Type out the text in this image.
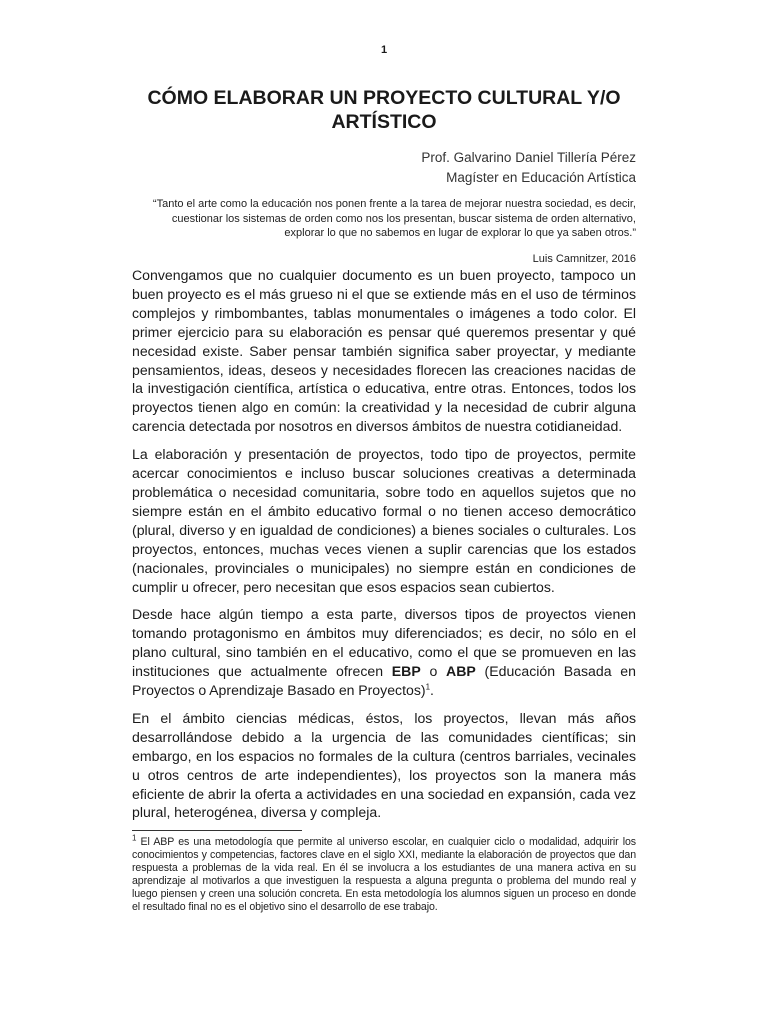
1
CÓMO ELABORAR UN PROYECTO CULTURAL Y/O ARTÍSTICO
Prof. Galvarino Daniel Tillería Pérez
Magíster en Educación Artística
“Tanto el arte como la educación nos ponen frente a la tarea de mejorar nuestra sociedad, es decir, cuestionar los sistemas de orden como nos los presentan, buscar sistema de orden alternativo, explorar lo que no sabemos en lugar de explorar lo que ya saben otros.”
Luis Camnitzer, 2016

Convengamos que no cualquier documento es un buen proyecto, tampoco un buen proyecto es el más grueso ni el que se extiende más en el uso de términos complejos y rimbombantes, tablas monumentales o imágenes a todo color. El primer ejercicio para su elaboración es pensar qué queremos presentar y qué necesidad existe. Saber pensar también significa saber proyectar, y mediante pensamientos, ideas, deseos y necesidades florecen las creaciones nacidas de la investigación científica, artística o educativa, entre otras. Entonces, todos los proyectos tienen algo en común: la creatividad y la necesidad de cubrir alguna carencia detectada por nosotros en diversos ámbitos de nuestra cotidianeidad.

La elaboración y presentación de proyectos, todo tipo de proyectos, permite acercar conocimientos e incluso buscar soluciones creativas a determinada problemática o necesidad comunitaria, sobre todo en aquellos sujetos que no siempre están en el ámbito educativo formal o no tienen acceso democrático (plural, diverso y en igualdad de condiciones) a bienes sociales o culturales. Los proyectos, entonces, muchas veces vienen a suplir carencias que los estados (nacionales, provinciales o municipales) no siempre están en condiciones de cumplir u ofrecer, pero necesitan que esos espacios sean cubiertos.

Desde hace algún tiempo a esta parte, diversos tipos de proyectos vienen tomando protagonismo en ámbitos muy diferenciados; es decir, no sólo en el plano cultural, sino también en el educativo, como el que se promueven en las instituciones que actualmente ofrecen EBP o ABP (Educación Basada en Proyectos o Aprendizaje Basado en Proyectos)$^1$.

En el ámbito ciencias médicas, éstos, los proyectos, llevan más años desarrollándose debido a la urgencia de las comunidades científicas; sin embargo, en los espacios no formales de la cultura (centros barriales, vecinales u otros centros de arte independientes), los proyectos son la manera más eficiente de abrir la oferta a actividades en una sociedad en expansión, cada vez plural, heterogénea, diversa y compleja.

$^1$ El ABP es una metodología que permite al universo escolar, en cualquier ciclo o modalidad, adquirir los conocimientos y competencias, factores clave en el siglo XXI, mediante la elaboración de proyectos que dan respuesta a problemas de la vida real. En él se involucra a los estudiantes de una manera activa en su aprendizaje al motivarlos a que investiguen la respuesta a alguna pregunta o problema del mundo real y luego piensen y creen una solución concreta. En esta metodología los alumnos siguen un proceso en donde el resultado final no es el objetivo sino el desarrollo de ese trabajo.
